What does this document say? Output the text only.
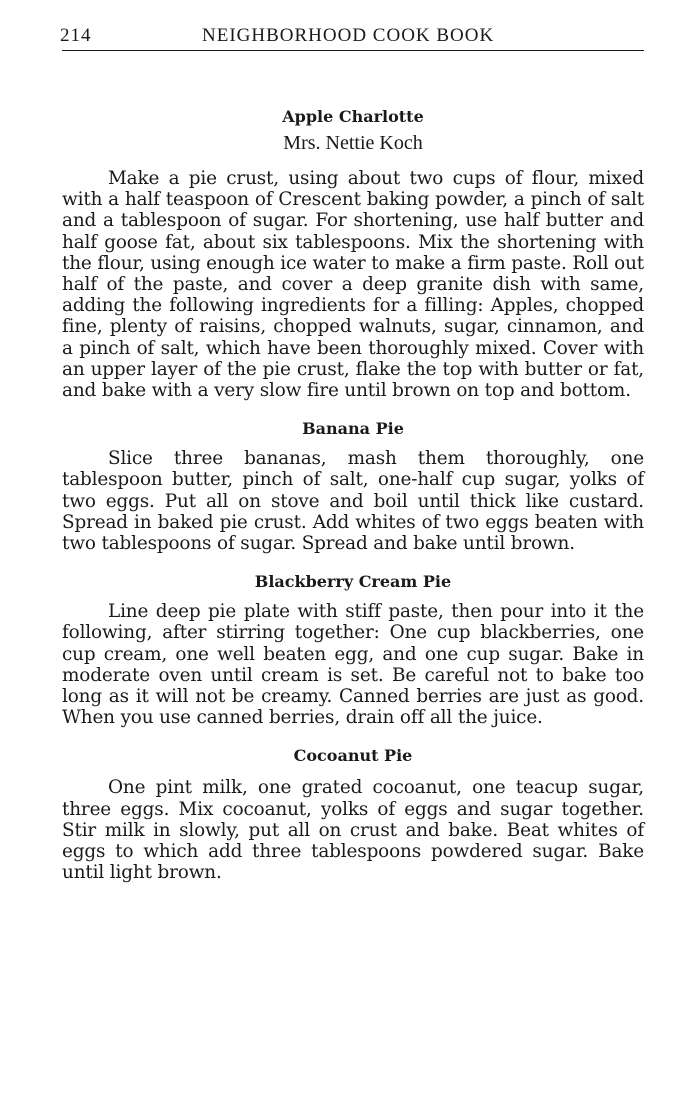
214	NEIGHBORHOOD COOK BOOK
Apple Charlotte

Mrs. Nettie Koch

Make a pie crust, using about two cups of flour, mixed with a half teaspoon of Crescent baking powder, a pinch of salt and a tablespoon of sugar. For shortening, use half butter and half goose fat, about six tablespoons. Mix the shortening with the flour, using enough ice water to make a firm paste. Roll out half of the paste, and cover a deep granite dish with same, adding the following ingredients for a filling: Apples, chopped fine, plenty of raisins, chopped walnuts, sugar, cinnamon, and a pinch of salt, which have been thoroughly mixed. Cover with an upper layer of the pie crust, flake the top with butter or fat, and bake with a very slow fire until brown on top and bottom.

Banana Pie

Slice three bananas, mash them thoroughly, one tablespoon butter, pinch of salt, one-half cup sugar, yolks of two eggs. Put all on stove and boil until thick like custard. Spread in baked pie crust. Add whites of two eggs beaten with two tablespoons of sugar. Spread and bake until brown.

Blackberry Cream Pie

Line deep pie plate with stiff paste, then pour into it the following, after stirring together: One cup blackberries, one cup cream, one well beaten egg, and one cup sugar. Bake in moderate oven until cream is set. Be careful not to bake too long as it will not be creamy. Canned berries are just as good. When you use canned berries, drain off all the juice.

Cocoanut Pie

One pint milk, one grated cocoanut, one teacup sugar, three eggs. Mix cocoanut, yolks of eggs and sugar together. Stir milk in slowly, put all on crust and bake. Beat whites of eggs to which add three tablespoons powdered sugar. Bake until light brown.
